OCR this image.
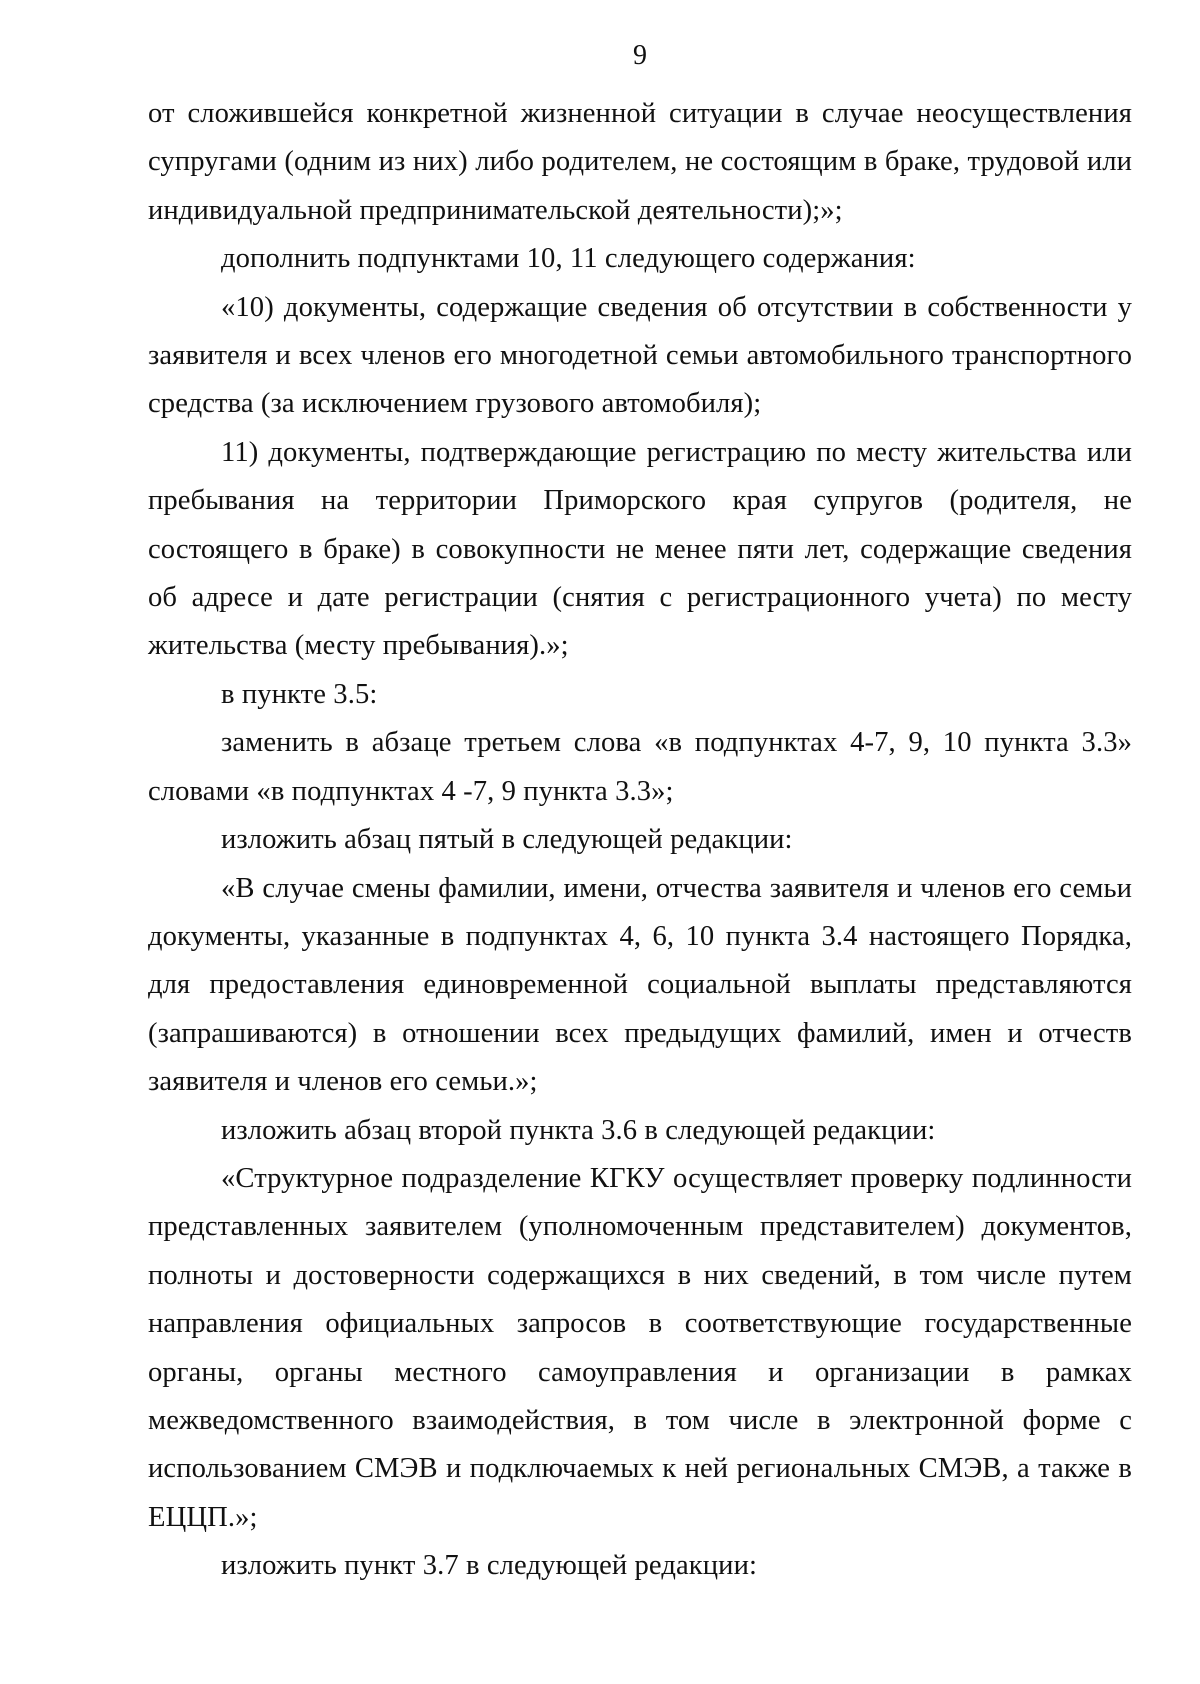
9

от сложившейся конкретной жизненной ситуации в случае неосуществления супругами (одним из них) либо родителем, не состоящим в браке, трудовой или индивидуальной предпринимательской деятельности);»;

дополнить подпунктами 10, 11 следующего содержания:

«10) документы, содержащие сведения об отсутствии в собственности у заявителя и всех членов его многодетной семьи автомобильного транспортного средства (за исключением грузового автомобиля);

11) документы, подтверждающие регистрацию по месту жительства или пребывания на территории Приморского края супругов (родителя, не состоящего в браке) в совокупности не менее пяти лет, содержащие сведения об адресе и дате регистрации (снятия с регистрационного учета) по месту жительства (месту пребывания).»;

в пункте 3.5:

заменить в абзаце третьем слова «в подпунктах 4-7, 9, 10 пункта 3.3» словами «в подпунктах 4 -7, 9 пункта 3.3»;

изложить абзац пятый в следующей редакции:

«В случае смены фамилии, имени, отчества заявителя и членов его семьи документы, указанные в подпунктах 4, 6, 10 пункта 3.4 настоящего Порядка, для предоставления единовременной социальной выплаты представляются (запрашиваются) в отношении всех предыдущих фамилий, имен и отчеств заявителя и членов его семьи.»;

изложить абзац второй пункта 3.6 в следующей редакции:

«Структурное подразделение КГКУ осуществляет проверку подлинности представленных заявителем (уполномоченным представителем) документов, полноты и достоверности содержащихся в них сведений, в том числе путем направления официальных запросов в соответствующие государственные органы, органы местного самоуправления и организации в рамках межведомственного взаимодействия, в том числе в электронной форме с использованием СМЭВ и подключаемых к ней региональных СМЭВ, а также в ЕЦЦП.»;

изложить пункт 3.7 в следующей редакции:
